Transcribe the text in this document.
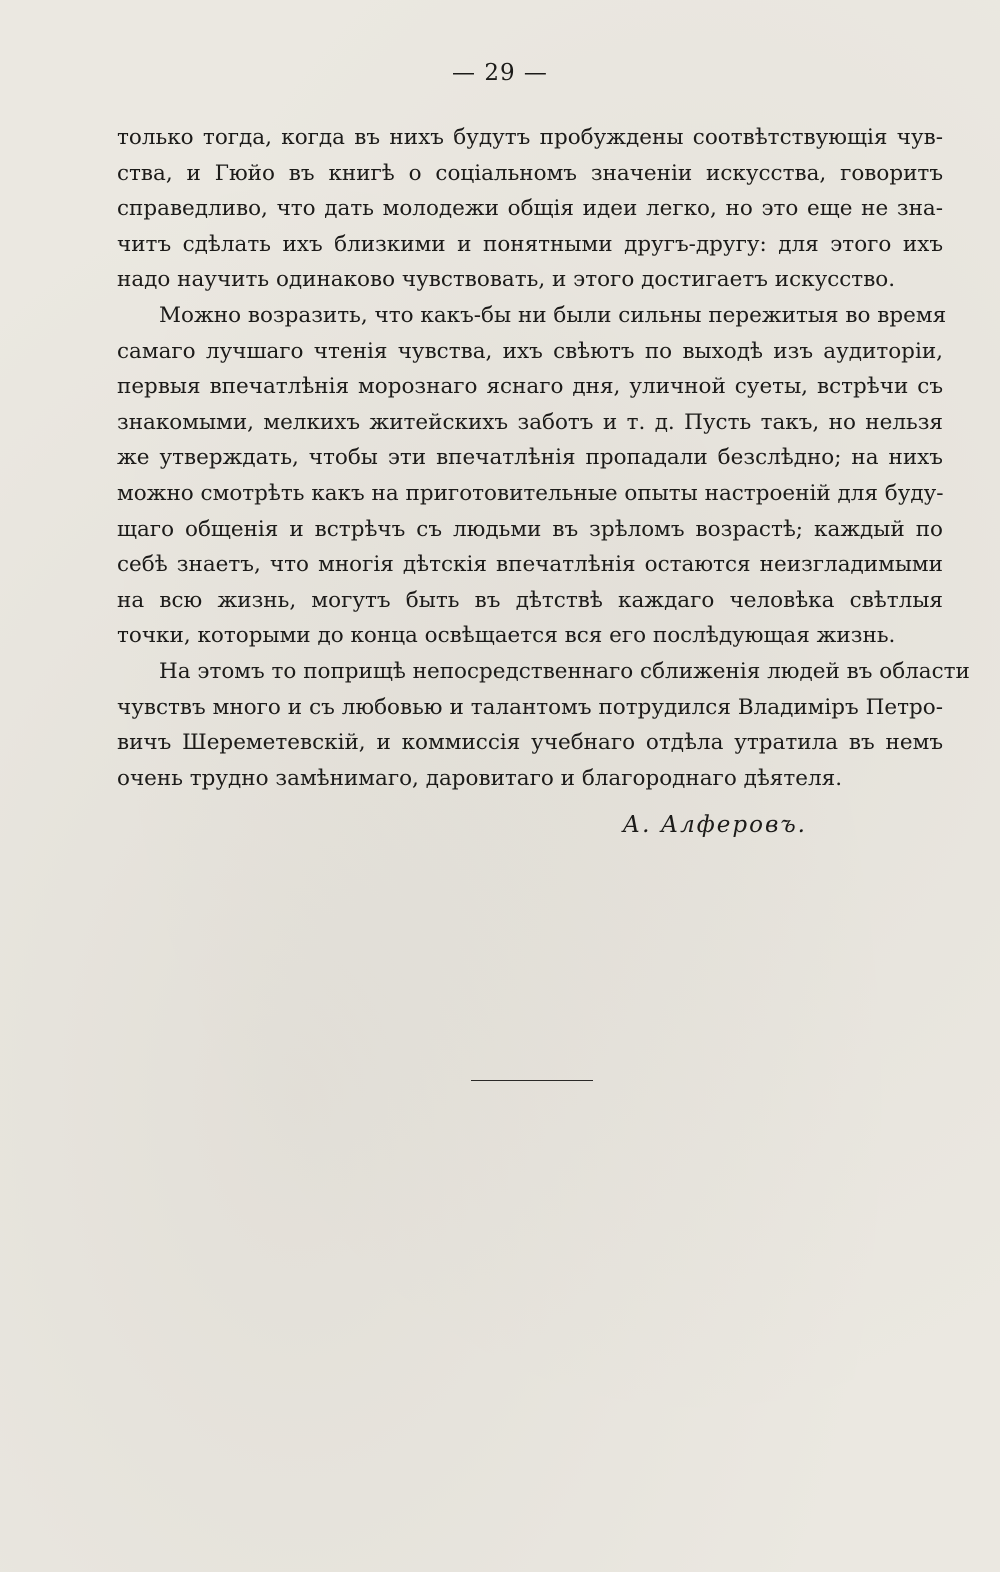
— 29 —
только тогда, когда въ нихъ будутъ пробуждены соотвѣтствующія чув-
ства, и Гюйо въ книгѣ о соціальномъ значеніи искусства, говоритъ
справедливо, что дать молодежи общія идеи легко, но это еще не зна-
читъ сдѣлать ихъ близкими и понятными другъ-другу: для этого ихъ
надо научить одинаково чувствовать, и этого достигаетъ искусство.
Можно возразить, что какъ-бы ни были сильны пережитыя во время
самаго лучшаго чтенія чувства, ихъ свѣютъ по выходѣ изъ аудиторіи,
первыя впечатлѣнія морознаго яснаго дня, уличной суеты, встрѣчи съ
знакомыми, мелкихъ житейскихъ заботъ и т. д. Пусть такъ, но нельзя
же утверждать, чтобы эти впечатлѣнія пропадали безслѣдно; на нихъ
можно смотрѣть какъ на приготовительные опыты настроеній для буду-
щаго общенія и встрѣчъ съ людьми въ зрѣломъ возрастѣ; каждый по
себѣ знаетъ, что многія дѣтскія впечатлѣнія остаются неизгладимыми
на всю жизнь, могутъ быть въ дѣтствѣ каждаго человѣка свѣтлыя
точки, которыми до конца освѣщается вся его послѣдующая жизнь.
На этомъ то поприщѣ непосредственнаго сближенія людей въ области
чувствъ много и съ любовью и талантомъ потрудился Владиміръ Петро-
вичъ Шереметевскій, и коммиссія учебнаго отдѣла утратила въ немъ
очень трудно замѣнимаго, даровитаго и благороднаго дѣятеля.
А. Алферовъ.
